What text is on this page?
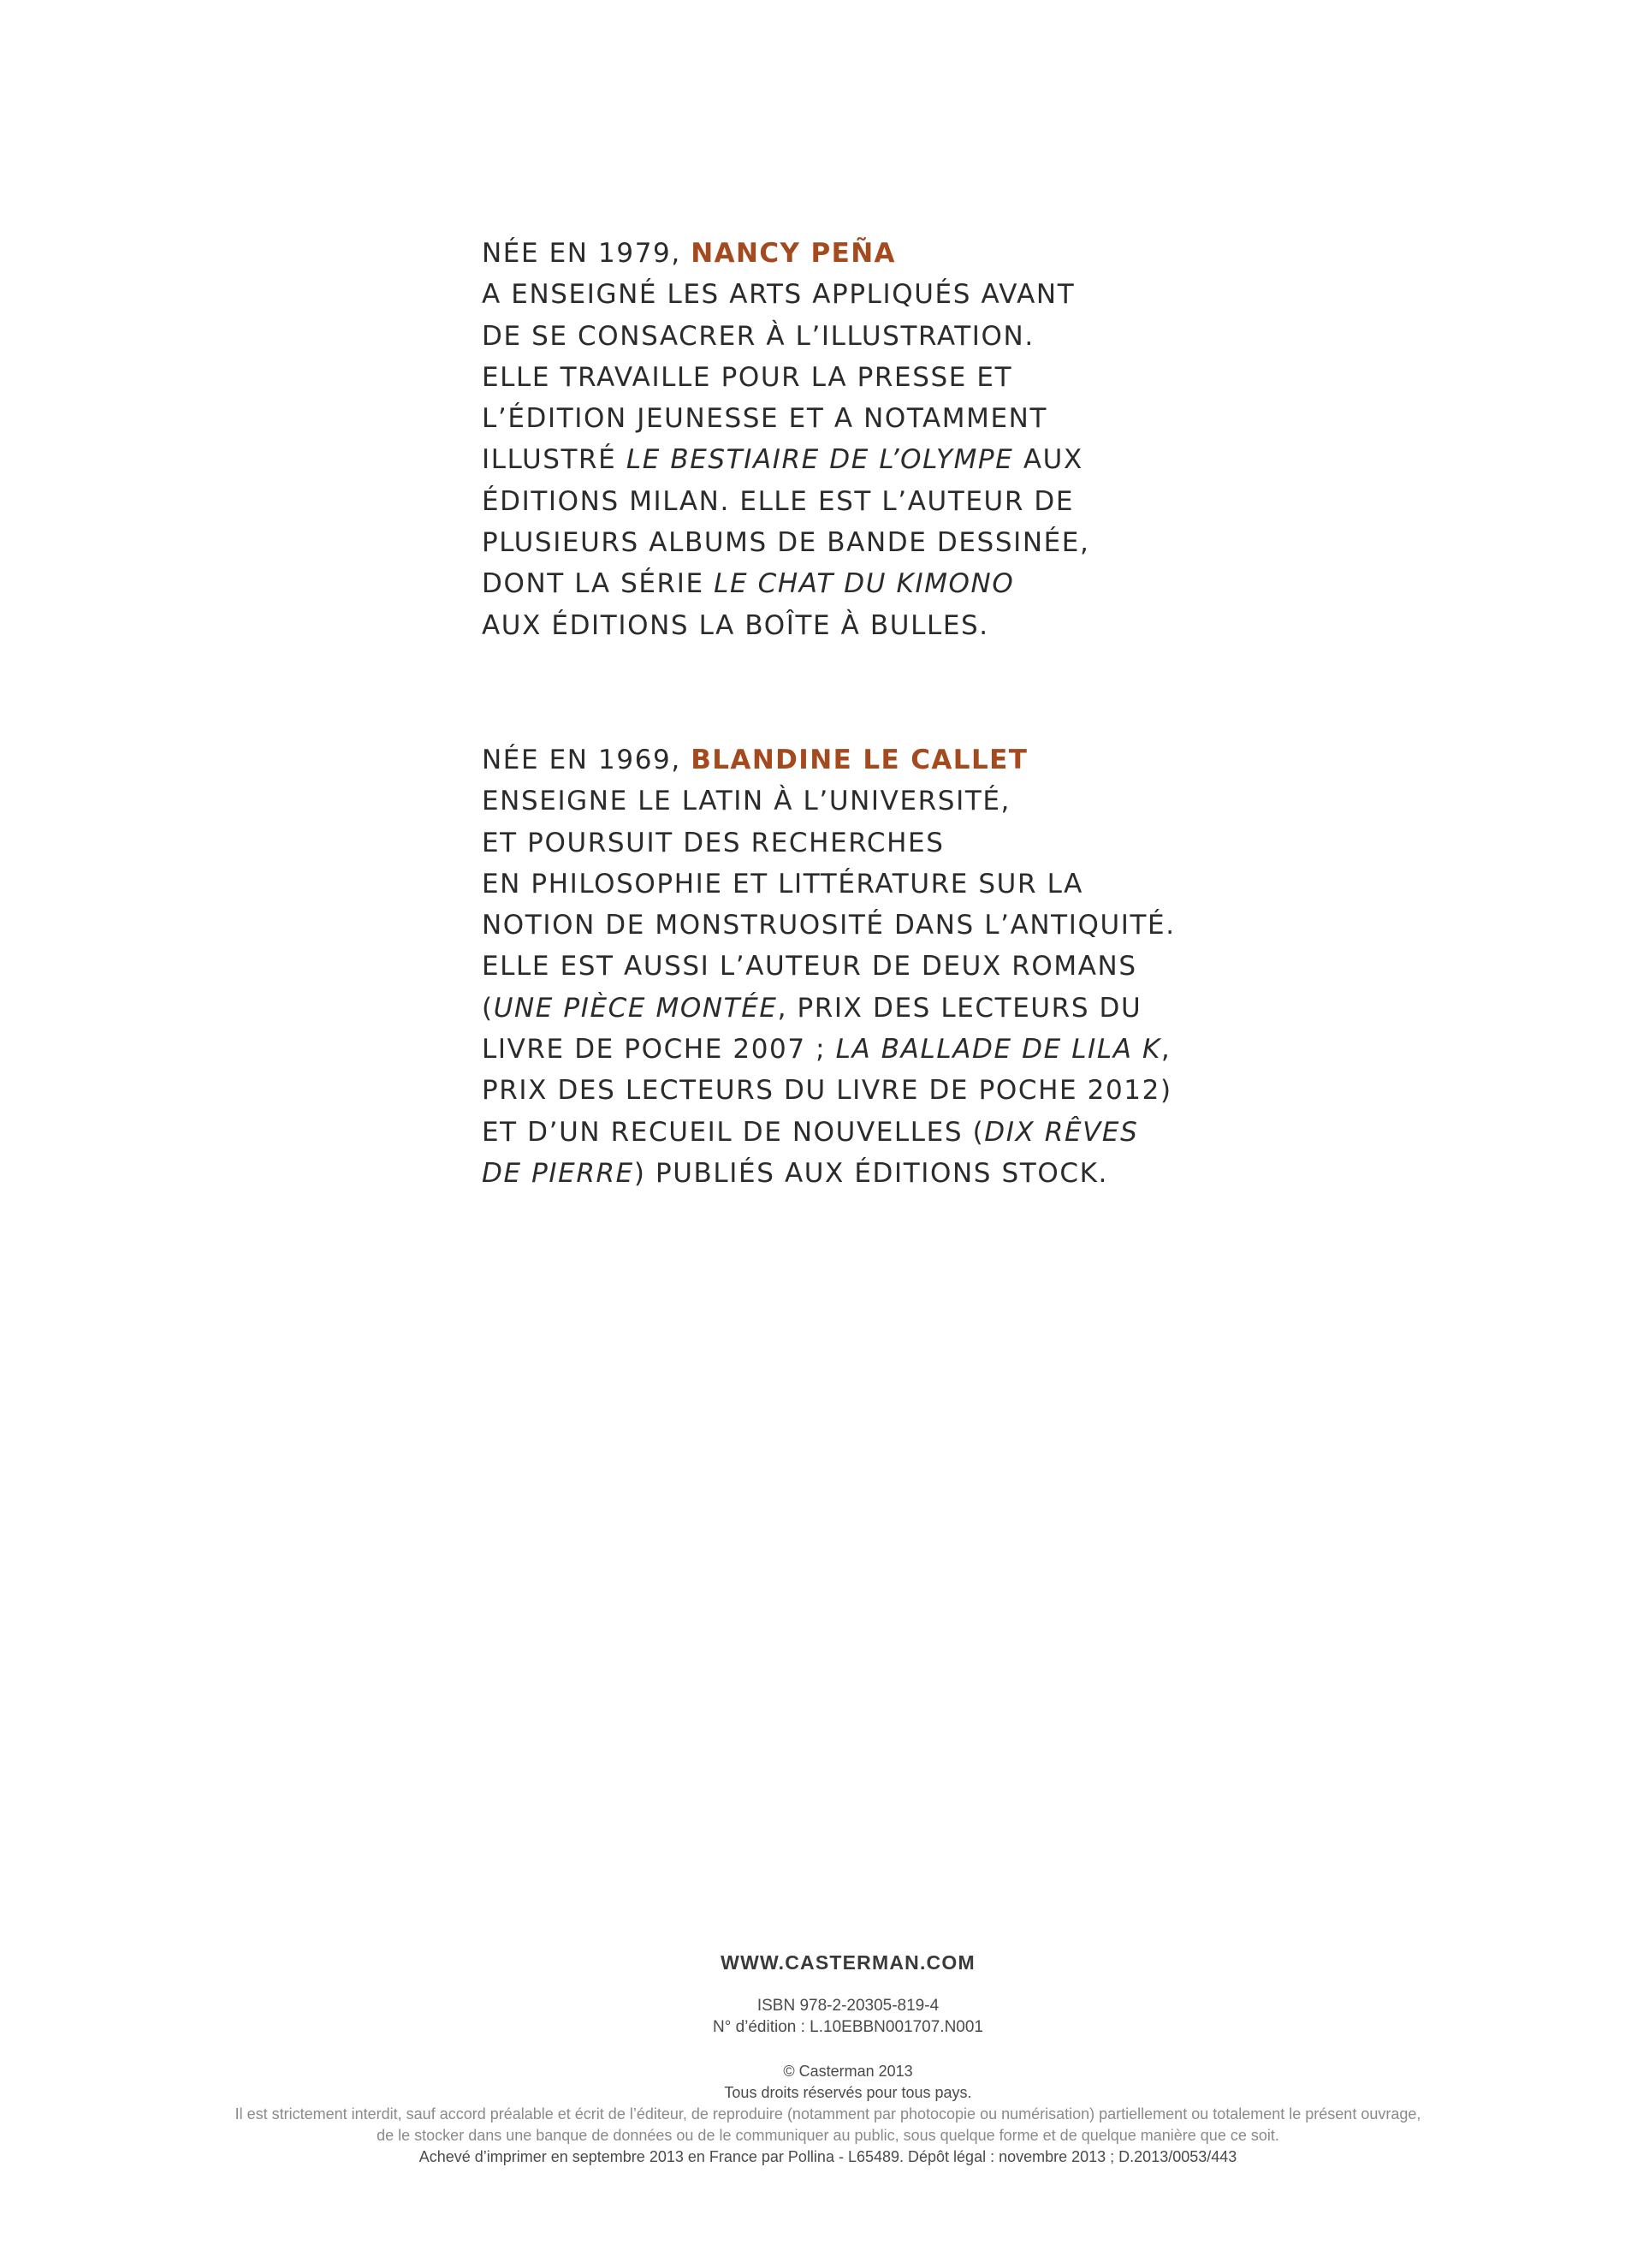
NÉE EN 1979, NANCY PEÑA
A ENSEIGNÉ LES ARTS APPLIQUÉS AVANT
DE SE CONSACRER À L’ILLUSTRATION.
ELLE TRAVAILLE POUR LA PRESSE ET
L’ÉDITION JEUNESSE ET A NOTAMMENT
ILLUSTRÉ LE BESTIAIRE DE L’OLYMPE AUX
ÉDITIONS MILAN. ELLE EST L’AUTEUR DE
PLUSIEURS ALBUMS DE BANDE DESSINÉE,
DONT LA SÉRIE LE CHAT DU KIMONO
AUX ÉDITIONS LA BOÎTE À BULLES.
NÉE EN 1969, BLANDINE LE CALLET
ENSEIGNE LE LATIN À L’UNIVERSITÉ,
ET POURSUIT DES RECHERCHES
EN PHILOSOPHIE ET LITTÉRATURE SUR LA
NOTION DE MONSTRUOSITÉ DANS L’ANTIQUITÉ.
ELLE EST AUSSI L’AUTEUR DE DEUX ROMANS
(UNE PIÈCE MONTÉE, PRIX DES LECTEURS DU
LIVRE DE POCHE 2007 ; LA BALLADE DE LILA K,
PRIX DES LECTEURS DU LIVRE DE POCHE 2012)
ET D’UN RECUEIL DE NOUVELLES (DIX RÊVES
DE PIERRE) PUBLIÉS AUX ÉDITIONS STOCK.
WWW.CASTERMAN.COM
ISBN 978-2-20305-819-4
N° d’édition : L.10EBBN001707.N001
© Casterman 2013
Tous droits réservés pour tous pays.
Il est strictement interdit, sauf accord préalable et écrit de l’éditeur, de reproduire (notamment par photocopie ou numérisation) partiellement ou totalement le présent ouvrage,
de le stocker dans une banque de données ou de le communiquer au public, sous quelque forme et de quelque manière que ce soit.
Achevé d’imprimer en septembre 2013 en France par Pollina - L65489. Dépôt légal : novembre 2013 ; D.2013/0053/443
